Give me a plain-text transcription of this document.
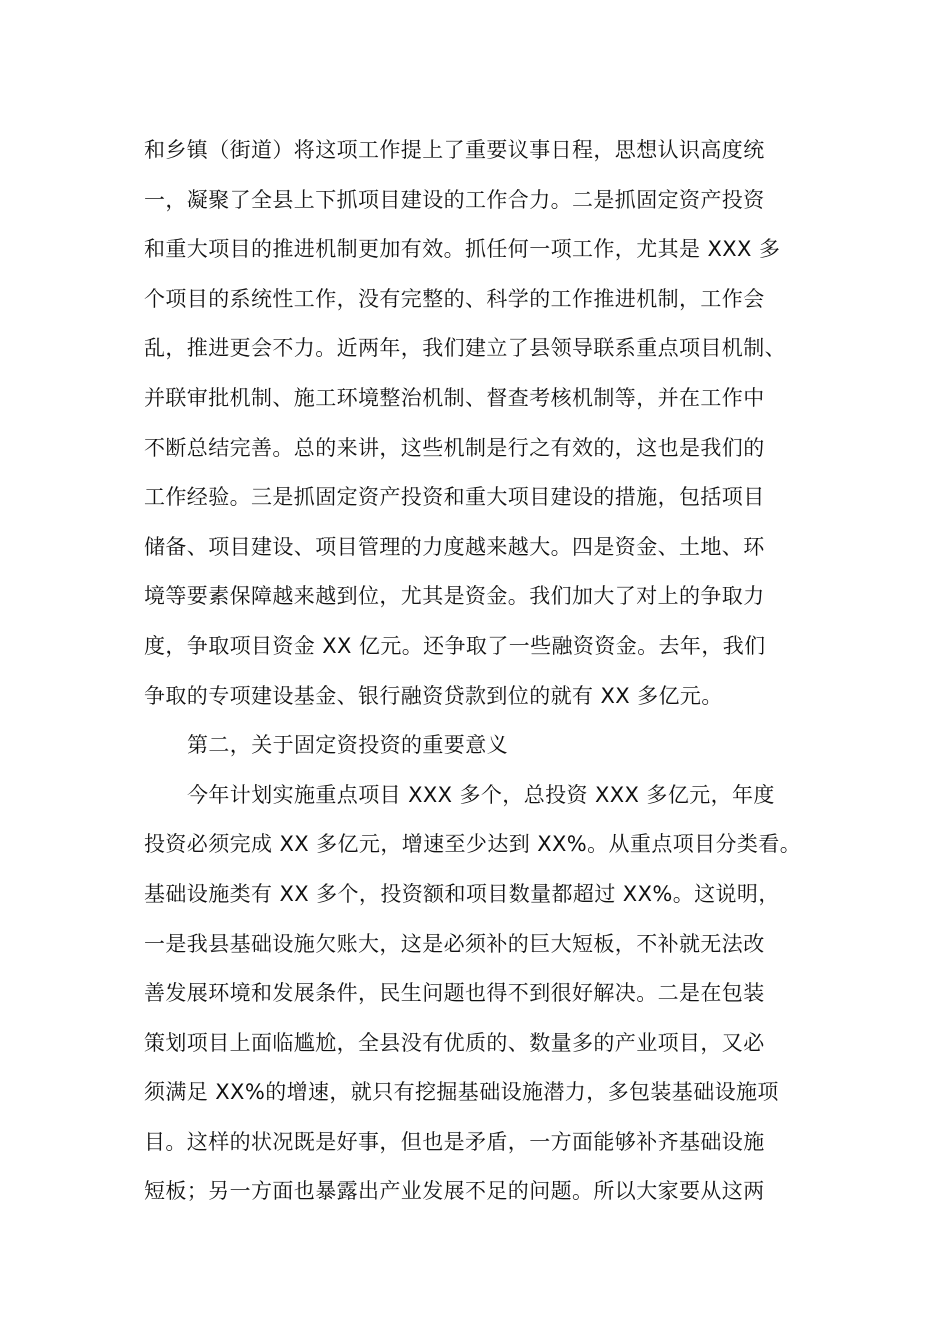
和乡镇（街道）将这项工作提上了重要议事日程，思想认识高度统
一，凝聚了全县上下抓项目建设的工作合力。二是抓固定资产投资
和重大项目的推进机制更加有效。抓任何一项工作，尤其是 XXX 多
个项目的系统性工作，没有完整的、科学的工作推进机制，工作会
乱，推进更会不力。近两年，我们建立了县领导联系重点项目机制、
并联审批机制、施工环境整治机制、督查考核机制等，并在工作中
不断总结完善。总的来讲，这些机制是行之有效的，这也是我们的
工作经验。三是抓固定资产投资和重大项目建设的措施，包括项目
储备、项目建设、项目管理的力度越来越大。四是资金、土地、环
境等要素保障越来越到位，尤其是资金。我们加大了对上的争取力
度，争取项目资金 XX 亿元。还争取了一些融资资金。去年，我们
争取的专项建设基金、银行融资贷款到位的就有 XX 多亿元。
第二，关于固定资投资的重要意义
今年计划实施重点项目 XXX 多个，总投资 XXX 多亿元，年度
投资必须完成 XX 多亿元，增速至少达到 XX%。从重点项目分类看。
基础设施类有 XX 多个，投资额和项目数量都超过 XX%。这说明，
一是我县基础设施欠账大，这是必须补的巨大短板，不补就无法改
善发展环境和发展条件，民生问题也得不到很好解决。二是在包装
策划项目上面临尴尬，全县没有优质的、数量多的产业项目，又必
须满足 XX%的增速，就只有挖掘基础设施潜力，多包装基础设施项
目。这样的状况既是好事，但也是矛盾，一方面能够补齐基础设施
短板；另一方面也暴露出产业发展不足的问题。所以大家要从这两
